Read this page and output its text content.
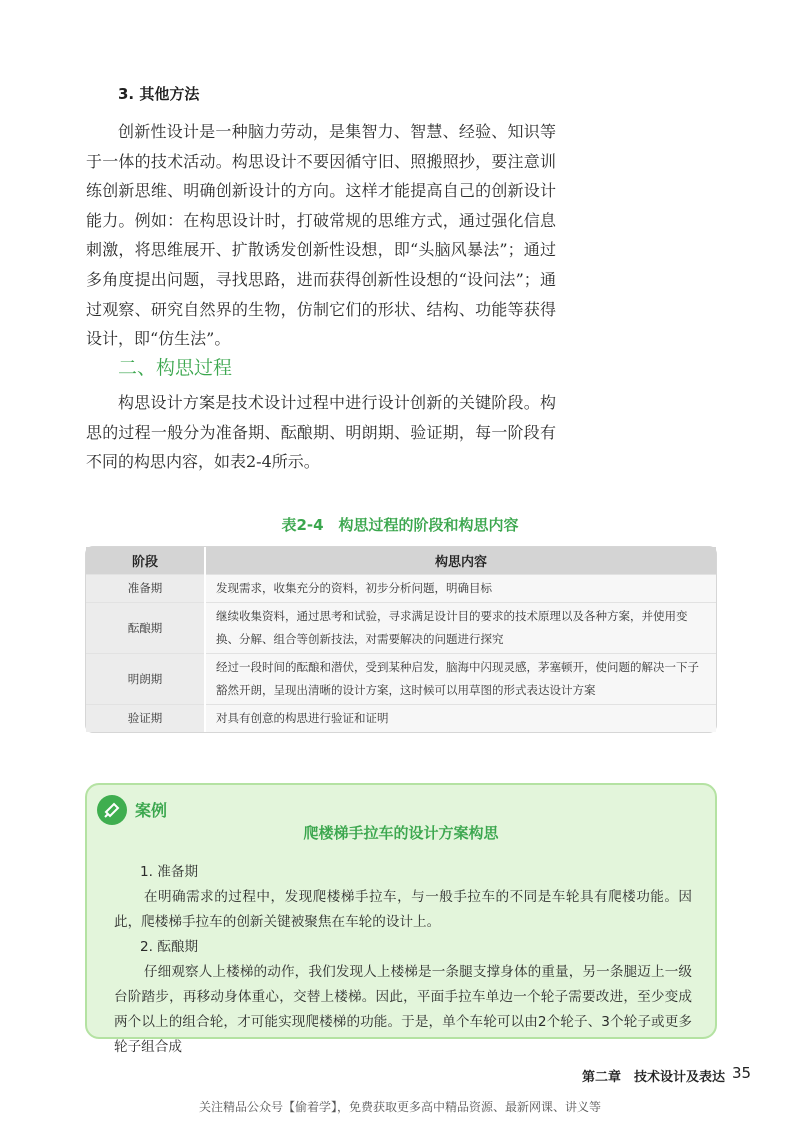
3. 其他方法

创新性设计是一种脑力劳动，是集智力、智慧、经验、知识等于一体的技术活动。构思设计不要因循守旧、照搬照抄，要注意训练创新思维、明确创新设计的方向。这样才能提高自己的创新设计能力。例如：在构思设计时，打破常规的思维方式，通过强化信息刺激，将思维展开、扩散诱发创新性设想，即“头脑风暴法”；通过多角度提出问题，寻找思路，进而获得创新性设想的“设问法”；通过观察、研究自然界的生物，仿制它们的形状、结构、功能等获得设计，即“仿生法”。

二、构思过程

构思设计方案是技术设计过程中进行设计创新的关键阶段。构思的过程一般分为准备期、酝酿期、明朗期、验证期，每一阶段有不同的构思内容，如表2-4所示。

表2-4　构思过程的阶段和构思内容
阶段	构思内容
准备期	发现需求，收集充分的资料，初步分析问题，明确目标
酝酿期	继续收集资料，通过思考和试验，寻求满足设计目的要求的技术原理以及各种方案，并使用变换、分解、组合等创新技法，对需要解决的问题进行探究
明朗期	经过一段时间的酝酿和潜伏，受到某种启发，脑海中闪现灵感，茅塞顿开，使问题的解决一下子豁然开朗，呈现出清晰的设计方案，这时候可以用草图的形式表达设计方案
验证期	对具有创意的构思进行验证和证明
案例
爬楼梯手拉车的设计方案构思

1. 准备期

在明确需求的过程中，发现爬楼梯手拉车，与一般手拉车的不同是车轮具有爬楼功能。因此，爬楼梯手拉车的创新关键被聚焦在车轮的设计上。

2. 酝酿期

仔细观察人上楼梯的动作，我们发现人上楼梯是一条腿支撑身体的重量，另一条腿迈上一级台阶踏步，再移动身体重心，交替上楼梯。因此，平面手拉车单边一个轮子需要改进，至少变成两个以上的组合轮，才可能实现爬楼梯的功能。于是，单个车轮可以由2个轮子、3个轮子或更多轮子组合成

第二章　技术设计及表达 35
关注精品公众号【偷着学】，免费获取更多高中精品资源、最新网课、讲义等
